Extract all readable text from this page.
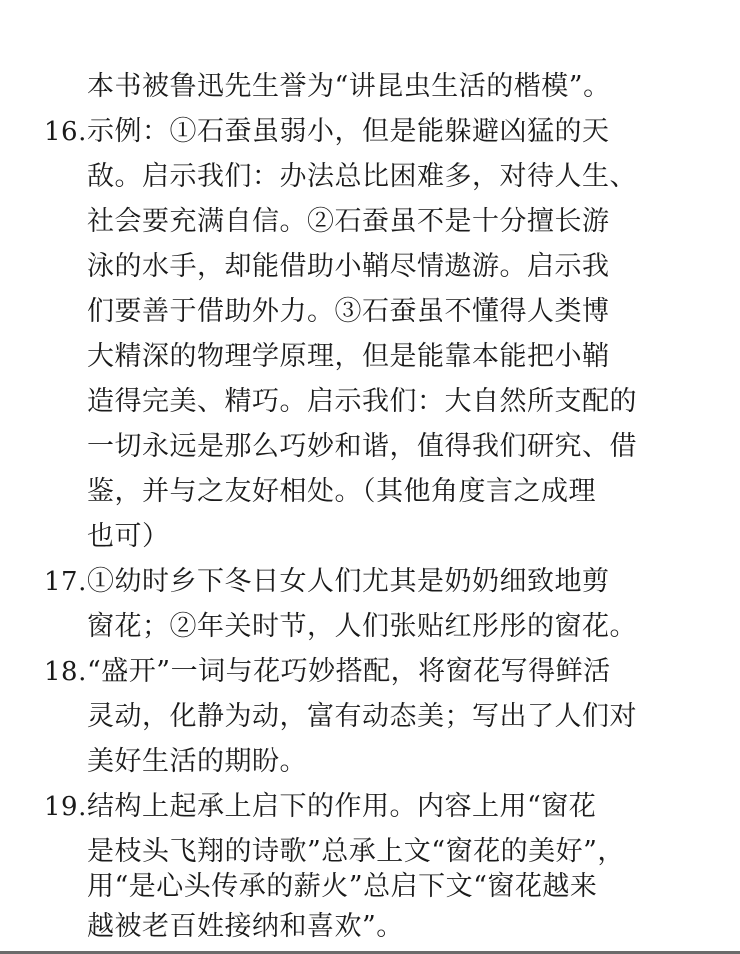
本书被鲁迅先生誉为“讲昆虫生活的楷模”。
16. 示例：①石蚕虽弱小，但是能躲避凶猛的天
敌。启示我们：办法总比困难多，对待人生、
社会要充满自信。②石蚕虽不是十分擅长游
泳的水手，却能借助小鞘尽情遨游。启示我
们要善于借助外力。③石蚕虽不懂得人类博
大精深的物理学原理，但是能靠本能把小鞘
造得完美、精巧。启示我们：大自然所支配的
一切永远是那么巧妙和谐，值得我们研究、借
鉴，并与之友好相处。（其他角度言之成理
也可）
17. ①幼时乡下冬日女人们尤其是奶奶细致地剪
窗花；②年关时节，人们张贴红彤彤的窗花。
18. “盛开”一词与花巧妙搭配，将窗花写得鲜活
灵动，化静为动，富有动态美；写出了人们对
美好生活的期盼。
19. 结构上起承上启下的作用。内容上用“窗花
是枝头飞翔的诗歌”总承上文“窗花的美好”，
用“是心头传承的薪火”总启下文“窗花越来
越被老百姓接纳和喜欢”。
